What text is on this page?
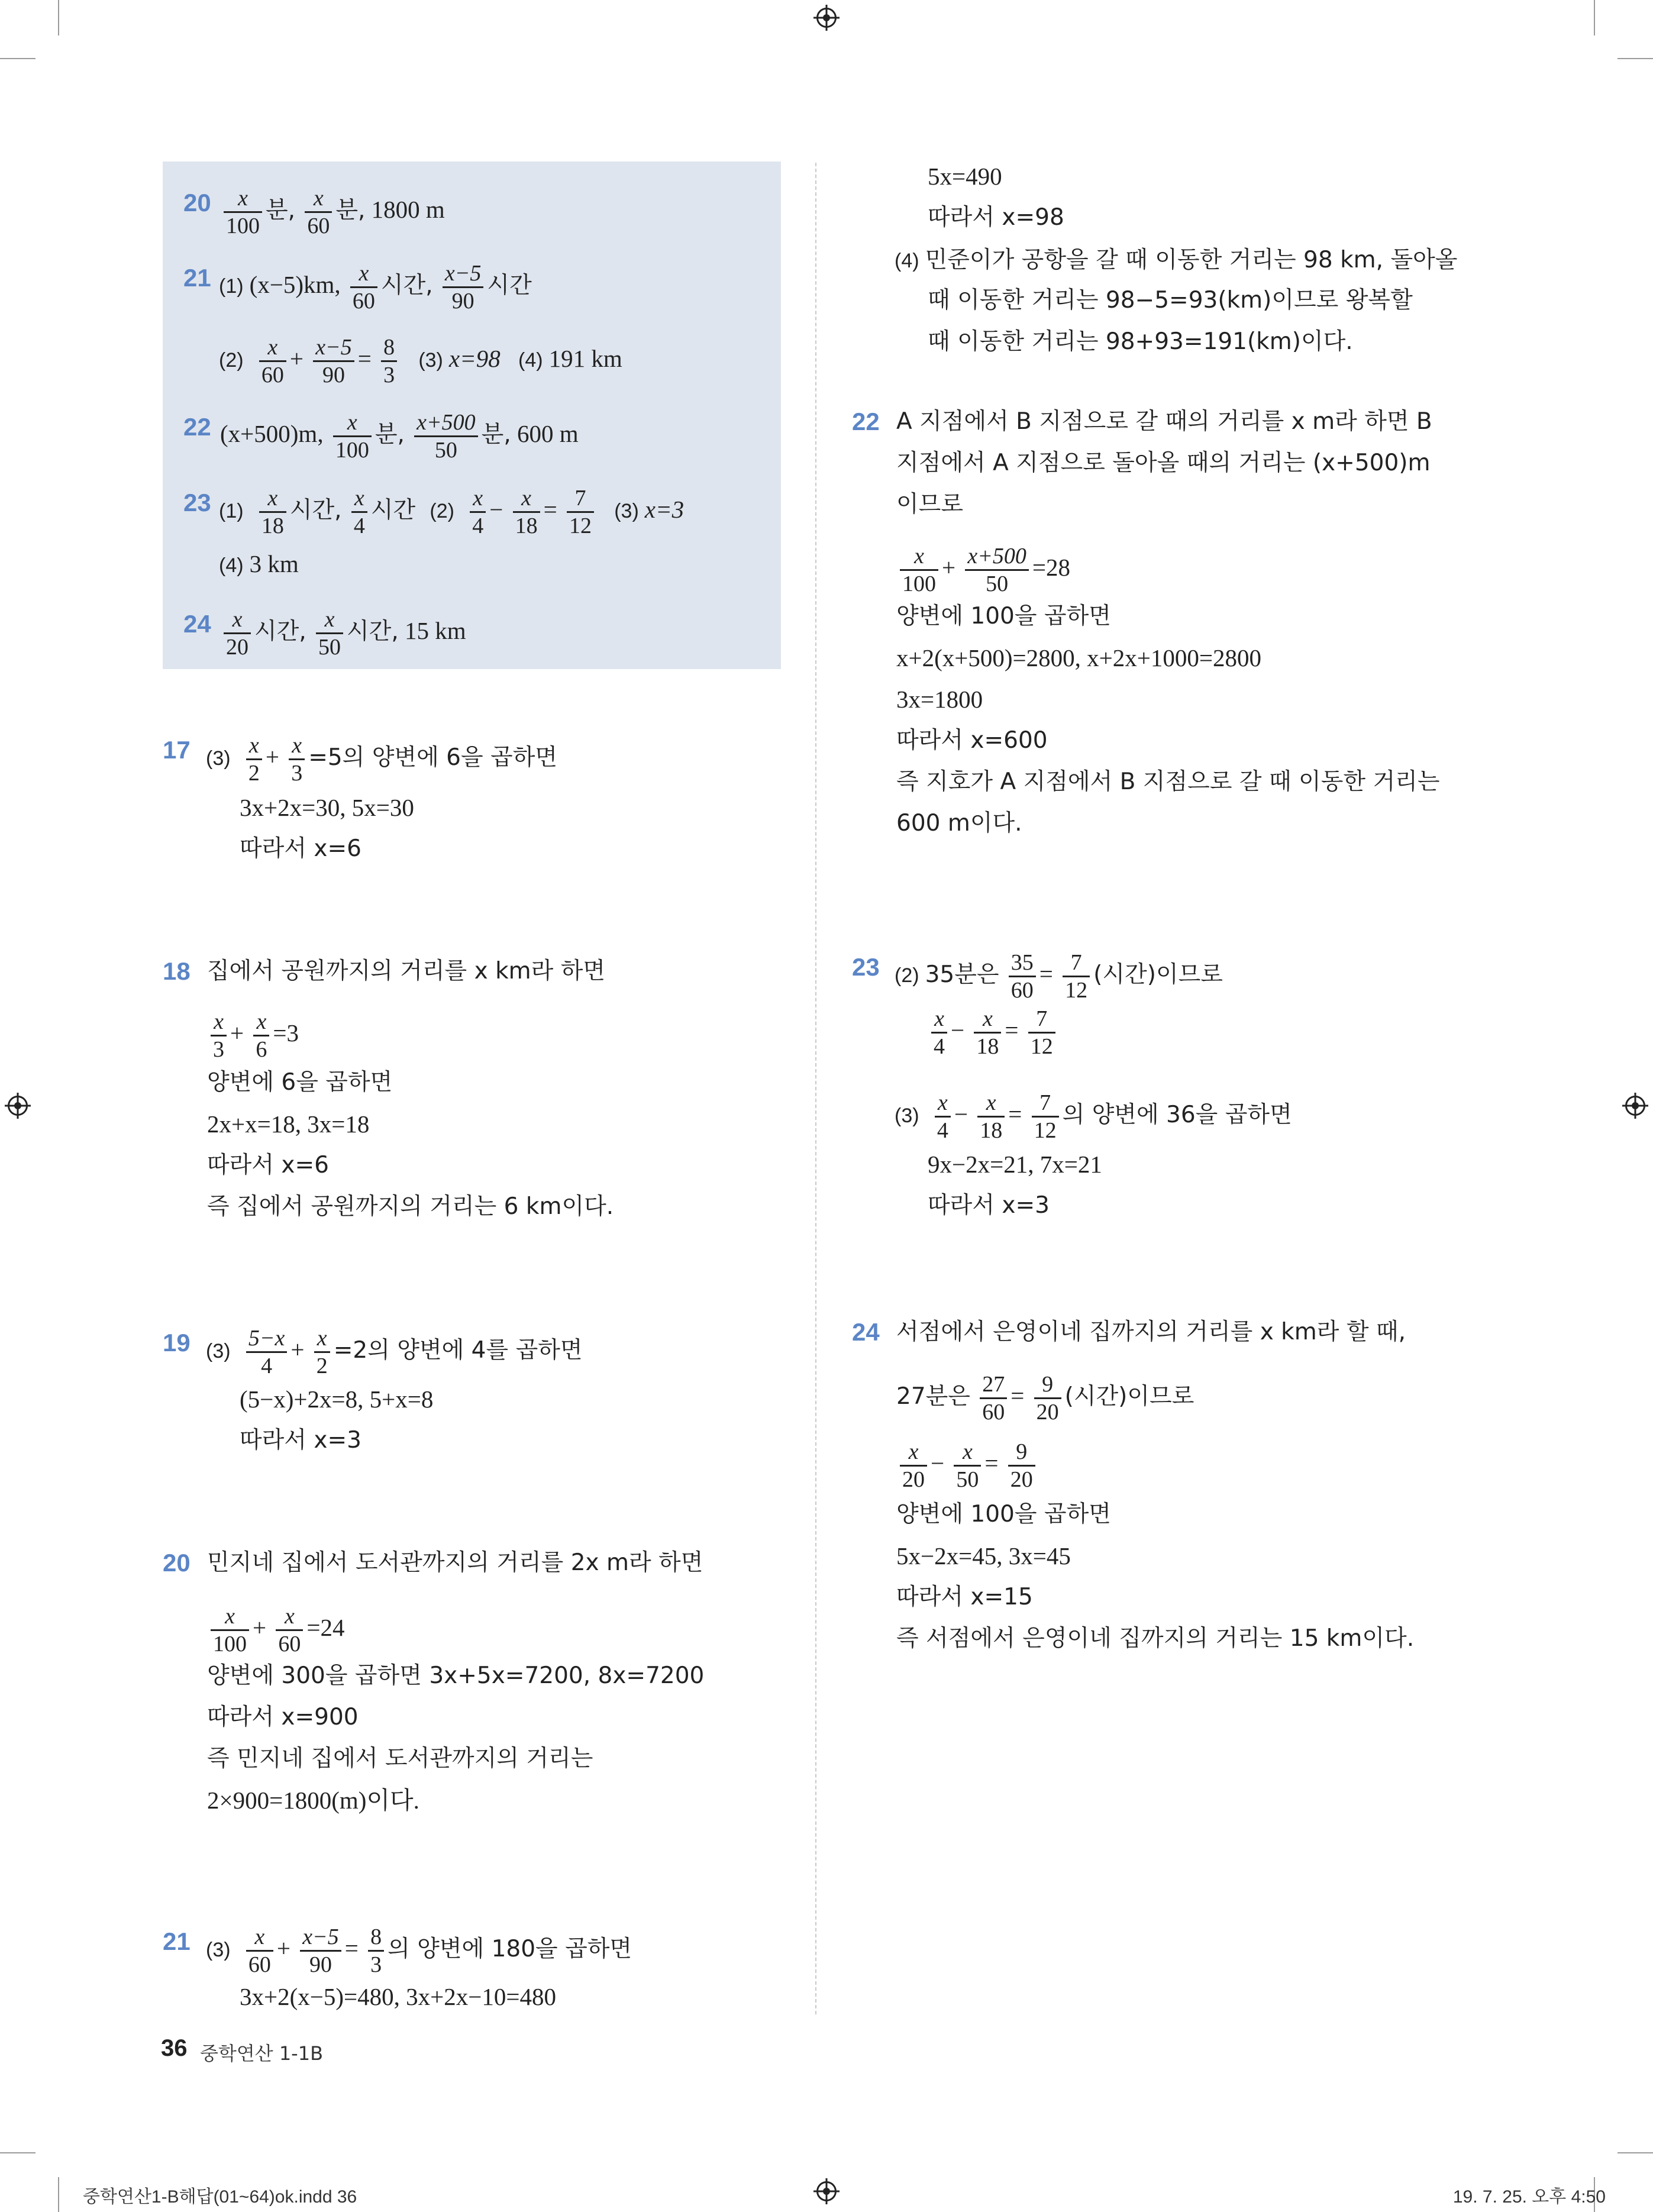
$20 \frac{x}{100}$ 분, $\frac{x}{60}$ 분, 1800 m
21 (1) (x−5)km, $\frac{x}{60}$ 시간, $\frac{x-5}{90}$ 시간
$(2) \frac{x}{60} + \frac{x-5}{90} = \frac{8}{3} (3)$ x=98 (4) 191 km
22 (x+500)m, $\frac{x}{100}$ 분, $\frac{x+500}{50}$ 분, 600 m
23 $(1) \frac{x}{18}$ 시간, $\frac{x}{4}$ 시간 $(2) \frac{x}{4} - \frac{x}{18} = \frac{7}{12} (3)$ x=3
(4) 3 km
$24 \frac{x}{20}$ 시간, $\frac{x}{50}$ 시간, 15 km
17 $(3) \frac{x}{2} + \frac{x}{3} =5$의 양변에 6을 곱하면
3x+2x=30, 5x=30
따라서 x=6
18 집에서 공원까지의 거리를 x km라 하면
$\frac{x}{3} + \frac{x}{6} =3$
양변에 6을 곱하면
2x+x=18, 3x=18
따라서 x=6
즉 집에서 공원까지의 거리는 6 km이다.
19 $(3) \frac{5-x}{4} + \frac{x}{2} =2$의 양변에 4를 곱하면
(5−x)+2x=8, 5+x=8
따라서 x=3
20 민지네 집에서 도서관까지의 거리를 2x m라 하면
$\frac{x}{100} + \frac{x}{60} =24$
양변에 300을 곱하면 3x+5x=7200, 8x=7200
따라서 x=900
즉 민지네 집에서 도서관까지의 거리는
2×900=1800(m)이다.
21 $(3) \frac{x}{60} + \frac{x-5}{90} = \frac{8}{3}$ 의 양변에 180을 곱하면
3x+2(x−5)=480, 3x+2x−10=480
5x=490
따라서 x=98
(4) 민준이가 공항을 갈 때 이동한 거리는 98 km, 돌아올
때 이동한 거리는 98−5=93(km)이므로 왕복할
때 이동한 거리는 98+93=191(km)이다.
22 A 지점에서 B 지점으로 갈 때의 거리를 x m라 하면 B
지점에서 A 지점으로 돌아올 때의 거리는 (x+500)m
이므로
$\frac{x}{100} + \frac{x+500}{50} =28$
양변에 100을 곱하면
x+2(x+500)=2800, x+2x+1000=2800
3x=1800
따라서 x=600
즉 지호가 A 지점에서 B 지점으로 갈 때 이동한 거리는
600 m이다.
23 (2) 35분은 $\frac{35}{60} = \frac{7}{12}$ (시간)이므로
$\frac{x}{4} - \frac{x}{18} = \frac{7}{12}$
$(3) \frac{x}{4} - \frac{x}{18} = \frac{7}{12}$ 의 양변에 36을 곱하면
9x−2x=21, 7x=21
따라서 x=3
24 서점에서 은영이네 집까지의 거리를 x km라 할 때,
27분은 $\frac{27}{60} = \frac{9}{20}$ (시간)이므로
$\frac{x}{20} - \frac{x}{50} = \frac{9}{20}$
양변에 100을 곱하면
5x−2x=45, 3x=45
따라서 x=15
즉 서점에서 은영이네 집까지의 거리는 15 km이다.
36 중학연산 1-1B
중학연산1-B해답(01~64)ok.indd 36	19. 7. 25. 오후 4:50
